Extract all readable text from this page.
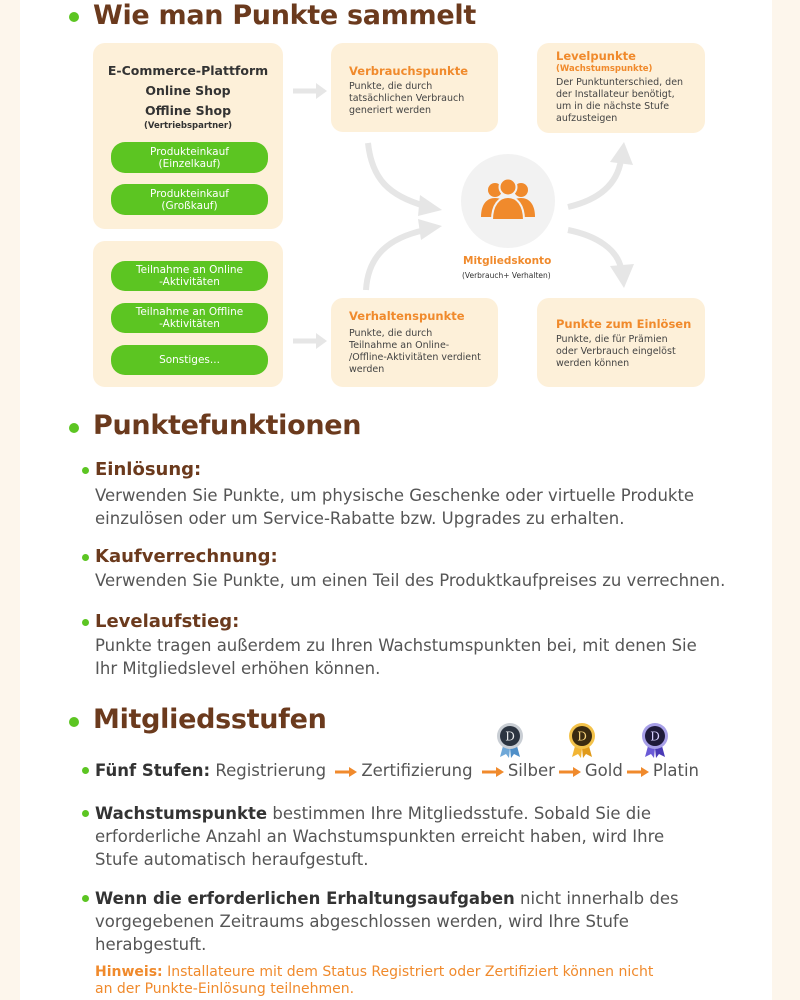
Wie man Punkte sammelt
E-Commerce-Plattform
Online Shop
Offline Shop
(Vertriebspartner)
Produkteinkauf
(Einzelkauf)
Produkteinkauf
(Großkauf)
Teilnahme an Online
-Aktivitäten
Teilnahme an Offline
-Aktivitäten
Sonstiges...
Verbrauchspunkte
Punkte, die durch
tatsächlichen Verbrauch
generiert werden
Verhaltenspunkte
Punkte, die durch
Teilnahme an Online-
/Offline-Aktivitäten verdient
werden
Levelpunkte
(Wachstumspunkte)
Der Punktunterschied, den
der Installateur benötigt,
um in die nächste Stufe
aufzusteigen
Punkte zum Einlösen
Punkte, die für Prämien
oder Verbrauch eingelöst
werden können
Mitgliedskonto
(Verbrauch+ Verhalten)
Punktefunktionen
Einlösung:
Verwenden Sie Punkte, um physische Geschenke oder virtuelle Produkte
einzulösen oder um Service-Rabatte bzw. Upgrades zu erhalten.
Kaufverrechnung:
Verwenden Sie Punkte, um einen Teil des Produktkaufpreises zu verrechnen.
Levelaufstieg:
Punkte tragen außerdem zu Ihren Wachstumspunkten bei, mit denen Sie
Ihr Mitgliedslevel erhöhen können.
Mitgliedsstufen
D	D	D
Fünf Stufen: Registrierung Zertifizierung Silber Gold Platin
Wachstumspunkte bestimmen Ihre Mitgliedsstufe. Sobald Sie die
erforderliche Anzahl an Wachstumspunkten erreicht haben, wird Ihre
Stufe automatisch heraufgestuft.
Wenn die erforderlichen Erhaltungsaufgaben nicht innerhalb des
vorgegebenen Zeitraums abgeschlossen werden, wird Ihre Stufe
herabgestuft.
Hinweis: Installateure mit dem Status Registriert oder Zertifiziert können nicht
an der Punkte-Einlösung teilnehmen.
